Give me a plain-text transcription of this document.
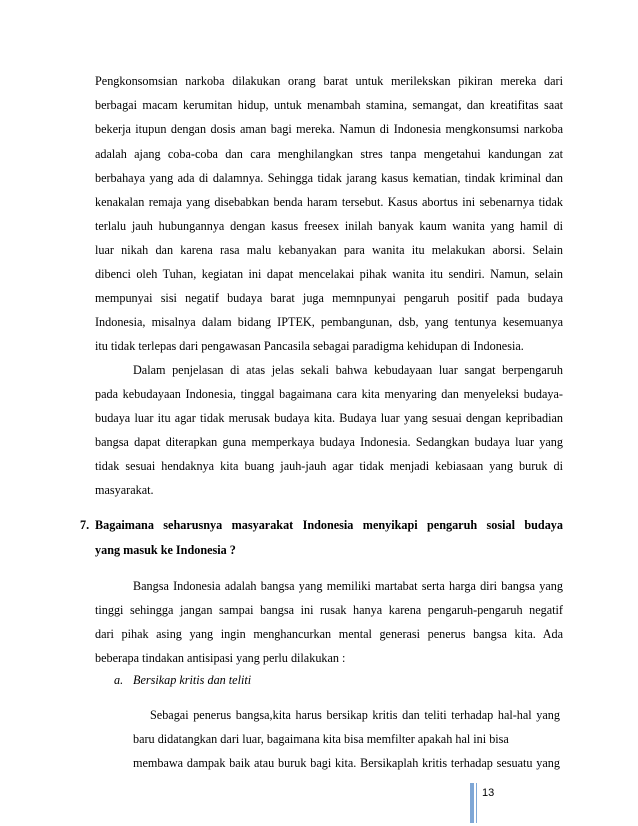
Pengkonsomsian narkoba dilakukan orang barat untuk merilekskan pikiran mereka dari
berbagai macam kerumitan hidup, untuk menambah stamina, semangat, dan kreatifitas saat
bekerja itupun dengan dosis aman bagi mereka. Namun di Indonesia mengkonsumsi narkoba
adalah ajang coba-coba dan cara menghilangkan stres tanpa mengetahui kandungan zat
berbahaya yang ada di dalamnya. Sehingga tidak jarang kasus kematian, tindak kriminal dan
kenakalan remaja yang disebabkan benda haram tersebut. Kasus abortus ini sebenarnya tidak
terlalu jauh hubungannya dengan kasus freesex inilah banyak kaum wanita yang hamil di
luar nikah dan karena rasa malu kebanyakan para wanita itu melakukan aborsi. Selain
dibenci oleh Tuhan, kegiatan ini dapat mencelakai pihak wanita itu sendiri. Namun, selain
mempunyai sisi negatif budaya barat juga memnpunyai pengaruh positif pada budaya
Indonesia, misalnya dalam bidang IPTEK, pembangunan, dsb, yang tentunya kesemuanya
itu tidak terlepas dari pengawasan Pancasila sebagai paradigma kehidupan di Indonesia.
Dalam penjelasan di atas jelas sekali bahwa kebudayaan luar sangat berpengaruh
pada kebudayaan Indonesia, tinggal bagaimana cara kita menyaring dan menyeleksi budaya-
budaya luar itu agar tidak merusak budaya kita. Budaya luar yang sesuai dengan kepribadian
bangsa dapat diterapkan guna memperkaya budaya Indonesia. Sedangkan budaya luar yang
tidak sesuai hendaknya kita buang jauh-jauh agar tidak menjadi kebiasaan yang buruk di
masyarakat.
7. Bagaimana seharusnya masyarakat Indonesia menyikapi pengaruh sosial budaya
yang masuk ke Indonesia ?
Bangsa Indonesia adalah bangsa yang memiliki martabat serta harga diri bangsa yang
tinggi sehingga jangan sampai bangsa ini rusak hanya karena pengaruh-pengaruh negatif
dari pihak asing yang ingin menghancurkan mental generasi penerus bangsa kita. Ada
beberapa tindakan antisipasi yang perlu dilakukan :
a. Bersikap kritis dan teliti
Sebagai penerus bangsa,kita harus bersikap kritis dan teliti terhadap hal-hal yang
baru didatangkan dari luar, bagaimana kita bisa memfilter apakah hal ini bisa
membawa dampak baik atau buruk bagi kita. Bersikaplah kritis terhadap sesuatu yang
13
